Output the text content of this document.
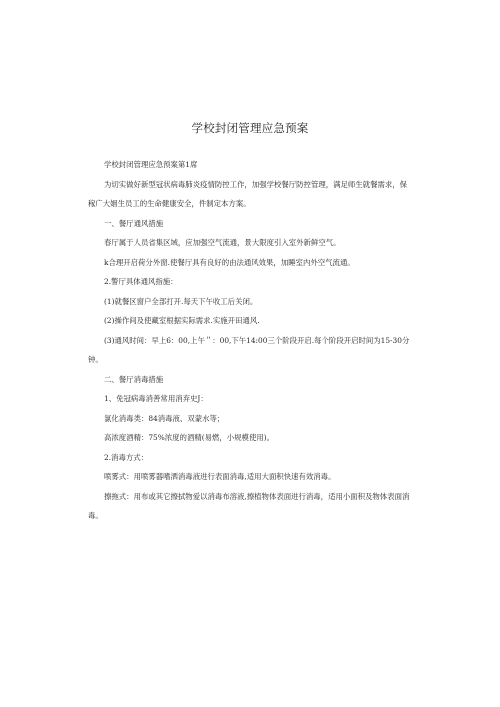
学校封闭管理应急预案

学校封闭管理应急预案第1席

为切实做好新型冠状病毒肺炎疫情防控工作，加强学校餐厅防控管理，满足师生就餐需求，保稼广大姻生员工的生命健康安全，件制定本方案。

一、餐厅通风措施

春厅属于人员省集区域，应加强空气流通，景大限度引入室外新鲜空气。

k合理开启荷分外窗.使餐厅具有良好的由法通风效果，加睡室内外空气流通。

2.警厅具体通风指施：

(1)就餐区窗户全部打开.每天下午收工后关闭。

(2)操作间及使藏室根据实际需求.实施开田通风.

(3)通风时间：早上6：00,上午＂：00,下午14:00三个阶段开启.每个阶段开启时间为15-30分钟。

二、餐厅消毒措施

1、免冠病毒消善常用消弃史J：

氯化消毒类：84消毒液、双蒙水等；

高浓度酒精：75%浓度的酒精(易燃，小规模使用)。

2.消毒方式：

喷雾式：用喷雾器嗜洒消毒液进行表面消毒,适用大面积快速有效消毒。

擦拖式：用布或其它擦拭物爱以消毒布溶液,擦植物体表面进行消毒，适用小面积及物体表面消毒。
